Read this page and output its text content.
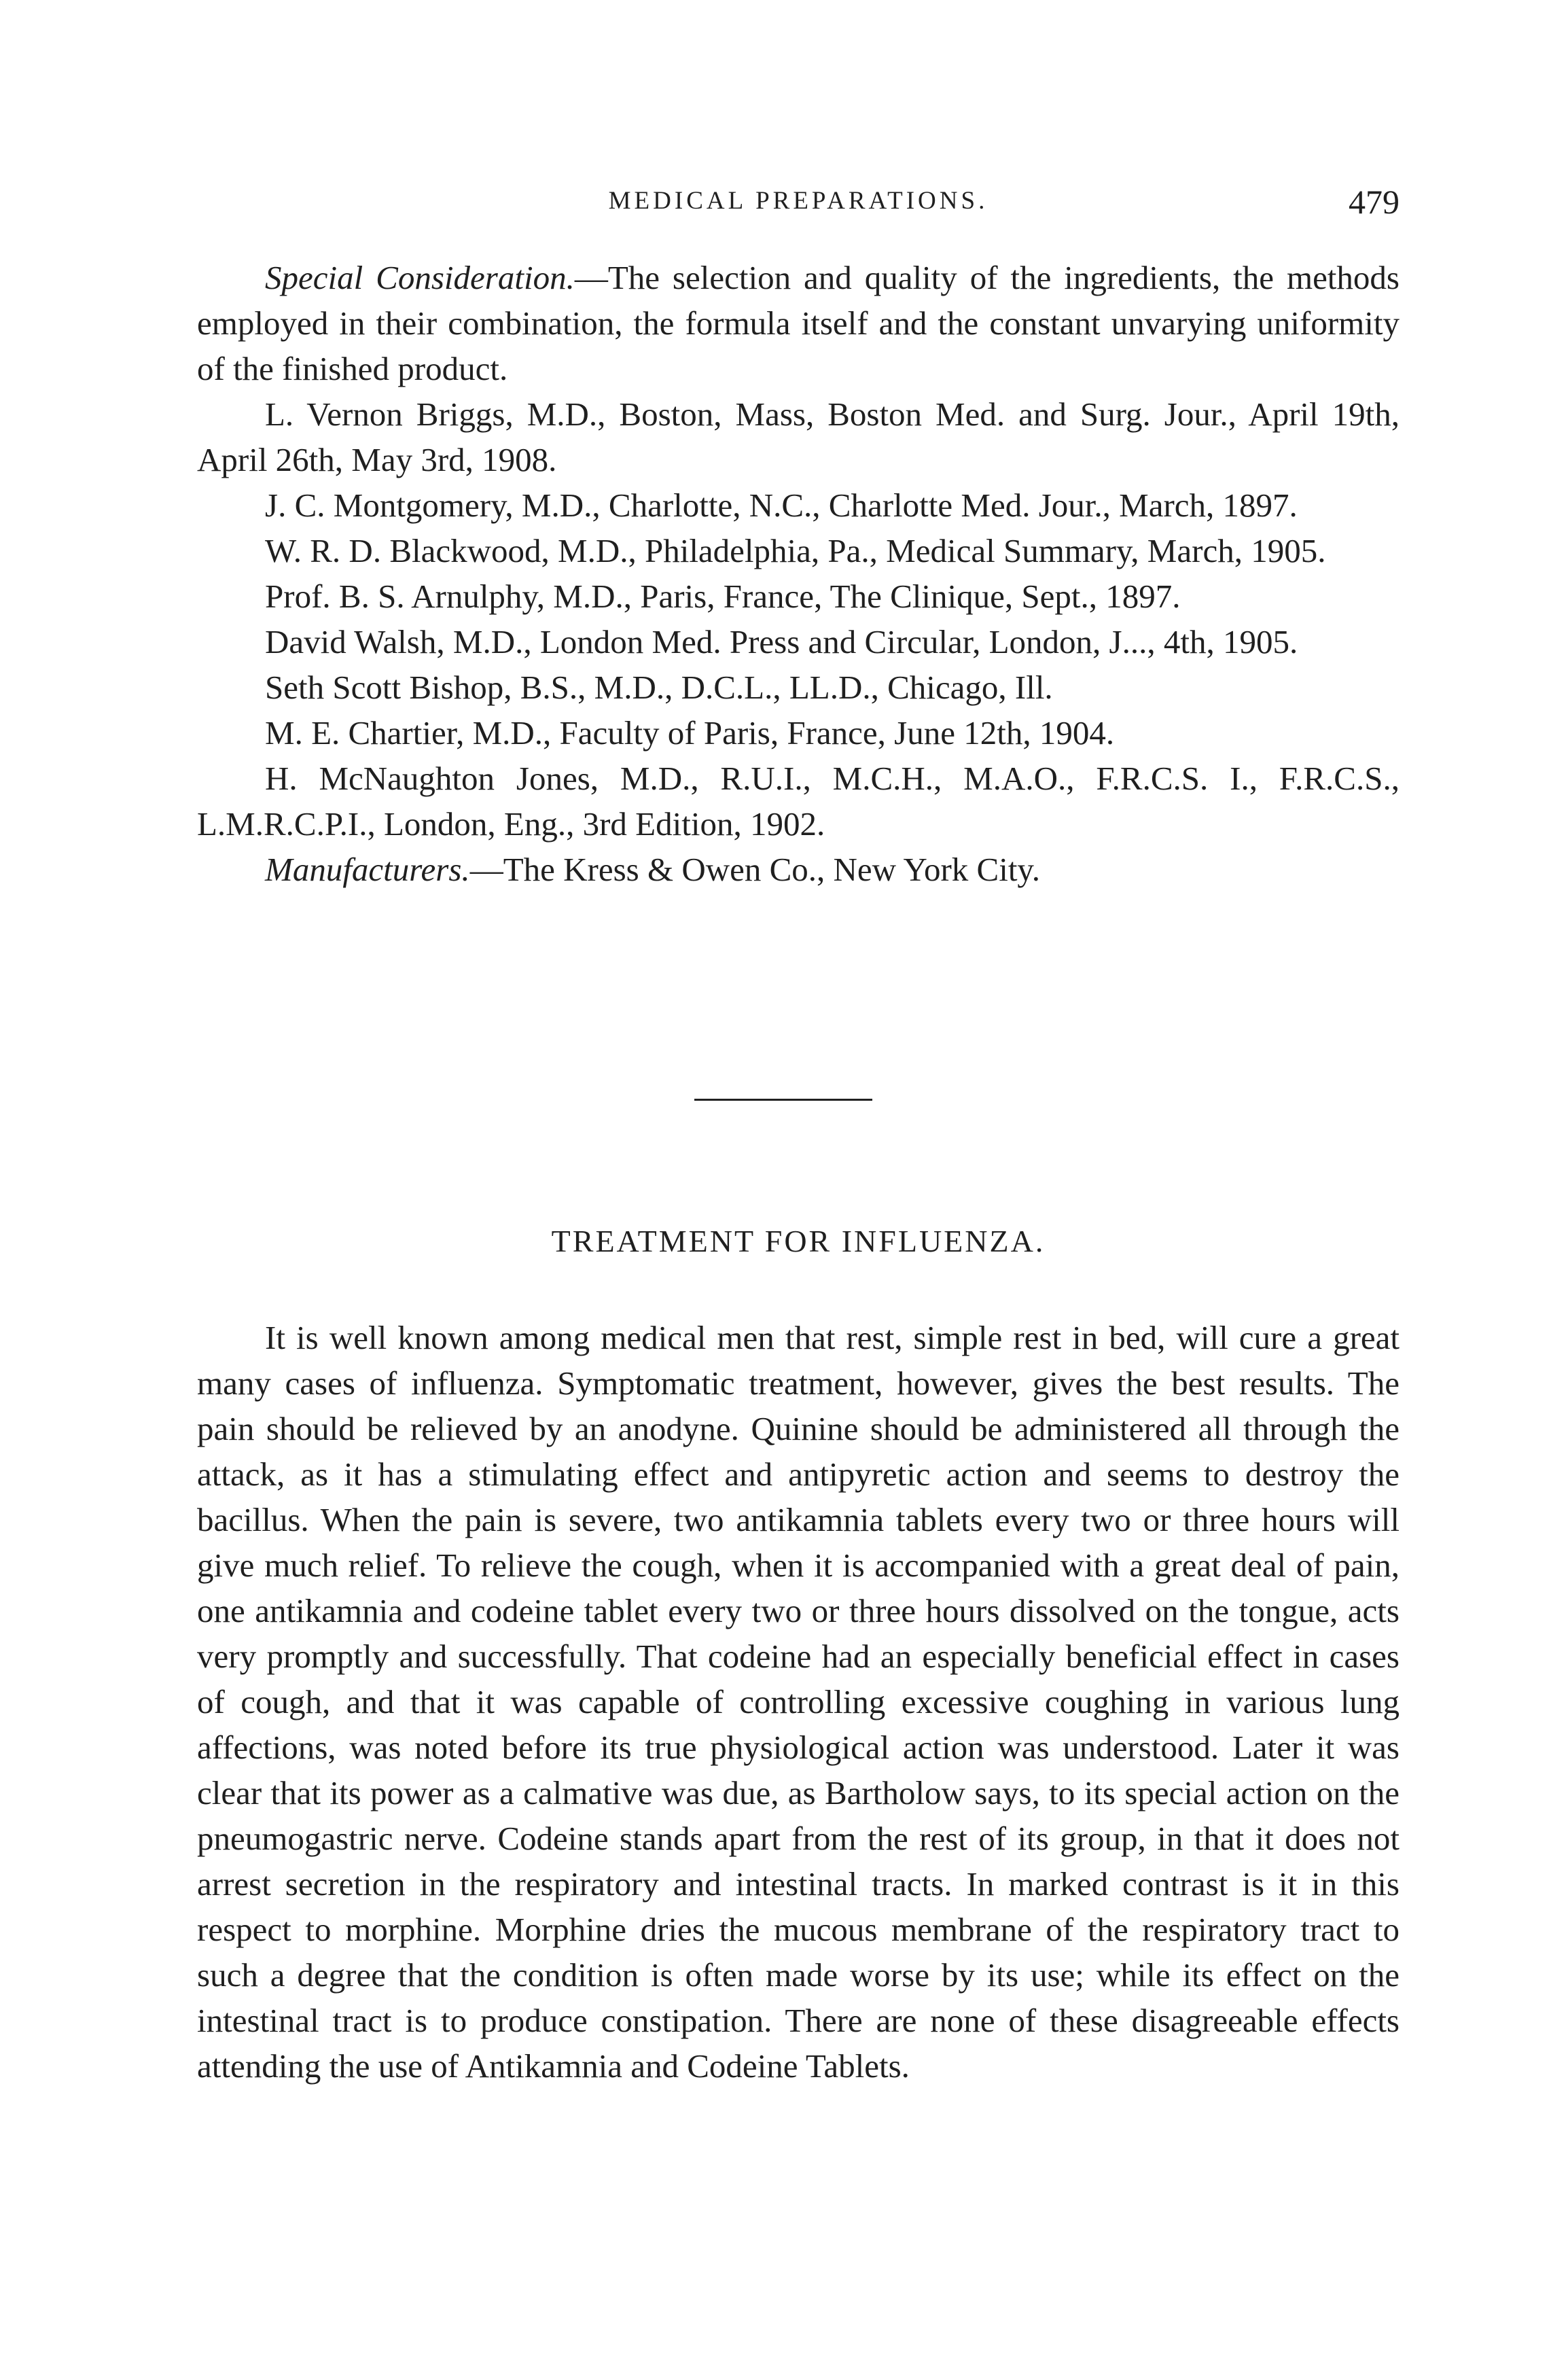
MEDICAL PREPARATIONS.	479

Special Consideration.—The selection and quality of the ingredients, the methods employed in their combination, the formula itself and the constant unvarying uniformity of the finished product.

L. Vernon Briggs, M.D., Boston, Mass, Boston Med. and Surg. Jour., April 19th, April 26th, May 3rd, 1908.

J. C. Montgomery, M.D., Charlotte, N.C., Charlotte Med. Jour., March, 1897.

W. R. D. Blackwood, M.D., Philadelphia, Pa., Medical Summary, March, 1905.

Prof. B. S. Arnulphy, M.D., Paris, France, The Clinique, Sept., 1897.

David Walsh, M.D., London Med. Press and Circular, London, J..., 4th, 1905.

Seth Scott Bishop, B.S., M.D., D.C.L., LL.D., Chicago, Ill.

M. E. Chartier, M.D., Faculty of Paris, France, June 12th, 1904.

H. McNaughton Jones, M.D., R.U.I., M.C.H., M.A.O., F.R.C.S. I., F.R.C.S., L.M.R.C.P.I., London, Eng., 3rd Edition, 1902.

Manufacturers.—The Kress & Owen Co., New York City.

TREATMENT FOR INFLUENZA.

It is well known among medical men that rest, simple rest in bed, will cure a great many cases of influenza. Symptomatic treatment, however, gives the best results. The pain should be relieved by an anodyne. Quinine should be administered all through the attack, as it has a stimulating effect and antipyretic action and seems to destroy the bacillus. When the pain is severe, two antikamnia tablets every two or three hours will give much relief. To relieve the cough, when it is accompanied with a great deal of pain, one antikamnia and codeine tablet every two or three hours dissolved on the tongue, acts very promptly and successfully. That codeine had an especially beneficial effect in cases of cough, and that it was capable of controlling excessive coughing in various lung affections, was noted before its true physiological action was understood. Later it was clear that its power as a calmative was due, as Bartholow says, to its special action on the pneumogastric nerve. Codeine stands apart from the rest of its group, in that it does not arrest secretion in the respiratory and intestinal tracts. In marked contrast is it in this respect to morphine. Morphine dries the mucous membrane of the respiratory tract to such a degree that the condition is often made worse by its use; while its effect on the intestinal tract is to produce constipation. There are none of these disagreeable effects attending the use of Antikamnia and Codeine Tablets.
